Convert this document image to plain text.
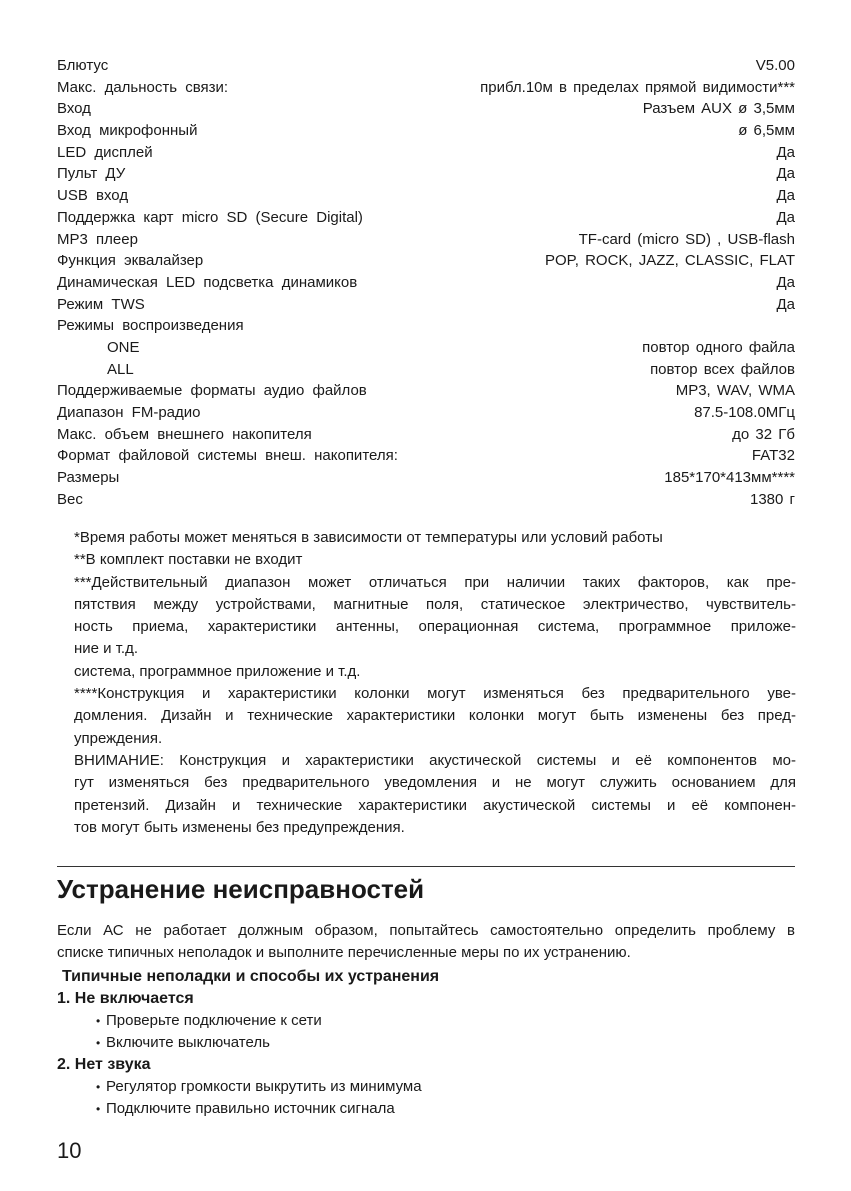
Блютус	V5.00
Макс. дальность связи:	прибл.10м в пределах прямой видимости***
Вход	Разъем AUX ø 3,5мм
Вход микрофонный	ø 6,5мм
LED дисплей	Да
Пульт ДУ	Да
USB вход	Да
Поддержка карт micro SD (Secure Digital)	Да
MP3 плеер	TF-card (micro SD) , USB-flash
Функция эквалайзер	POP, ROCK, JAZZ, CLASSIC, FLAT
Динамическая LED подсветка динамиков	Да
Режим TWS	Да
Режимы воспроизведения
ONE	повтор одного файла
ALL	повтор всех файлов
Поддерживаемые форматы аудио файлов	MP3, WAV, WMA
Диапазон FM-радио	87.5-108.0МГц
Макс. объем внешнего накопителя	до 32 Гб
Формат файловой системы внеш. накопителя:	FAT32
Размеры	185*170*413мм****
Вес	1380 г
*Время работы может меняться в зависимости от температуры или условий работы
**В комплект поставки не входит
***Действительный диапазон может отличаться при наличии таких факторов, как пре-
пятствия между устройствами, магнитные поля, статическое электричество, чувствитель-
ность приема, характеристики антенны, операционная система, программное приложе-
ние и т.д.
система, программное приложение и т.д.
****Конструкция и характеристики колонки могут изменяться без предварительного уве-
домления. Дизайн и технические характеристики колонки могут быть изменены без пред-
упреждения.
ВНИМАНИЕ: Конструкция и характеристики акустической системы и её компонентов мо-
гут изменяться без предварительного уведомления и не могут служить основанием для
претензий. Дизайн и технические характеристики акустической системы и её компонен-
тов могут быть изменены без предупреждения.
Устранение неисправностей
Если АС не работает должным образом, попытайтесь самостоятельно определить проблему в
списке типичных неполадок и выполните перечисленные меры по их устранению.
Типичные неполадки и способы их устранения
1. Не включается
• Проверьте подключение к сети
• Включите выключатель
2. Нет звука
• Регулятор громкости выкрутить из минимума
• Подключите правильно источник сигнала
10
